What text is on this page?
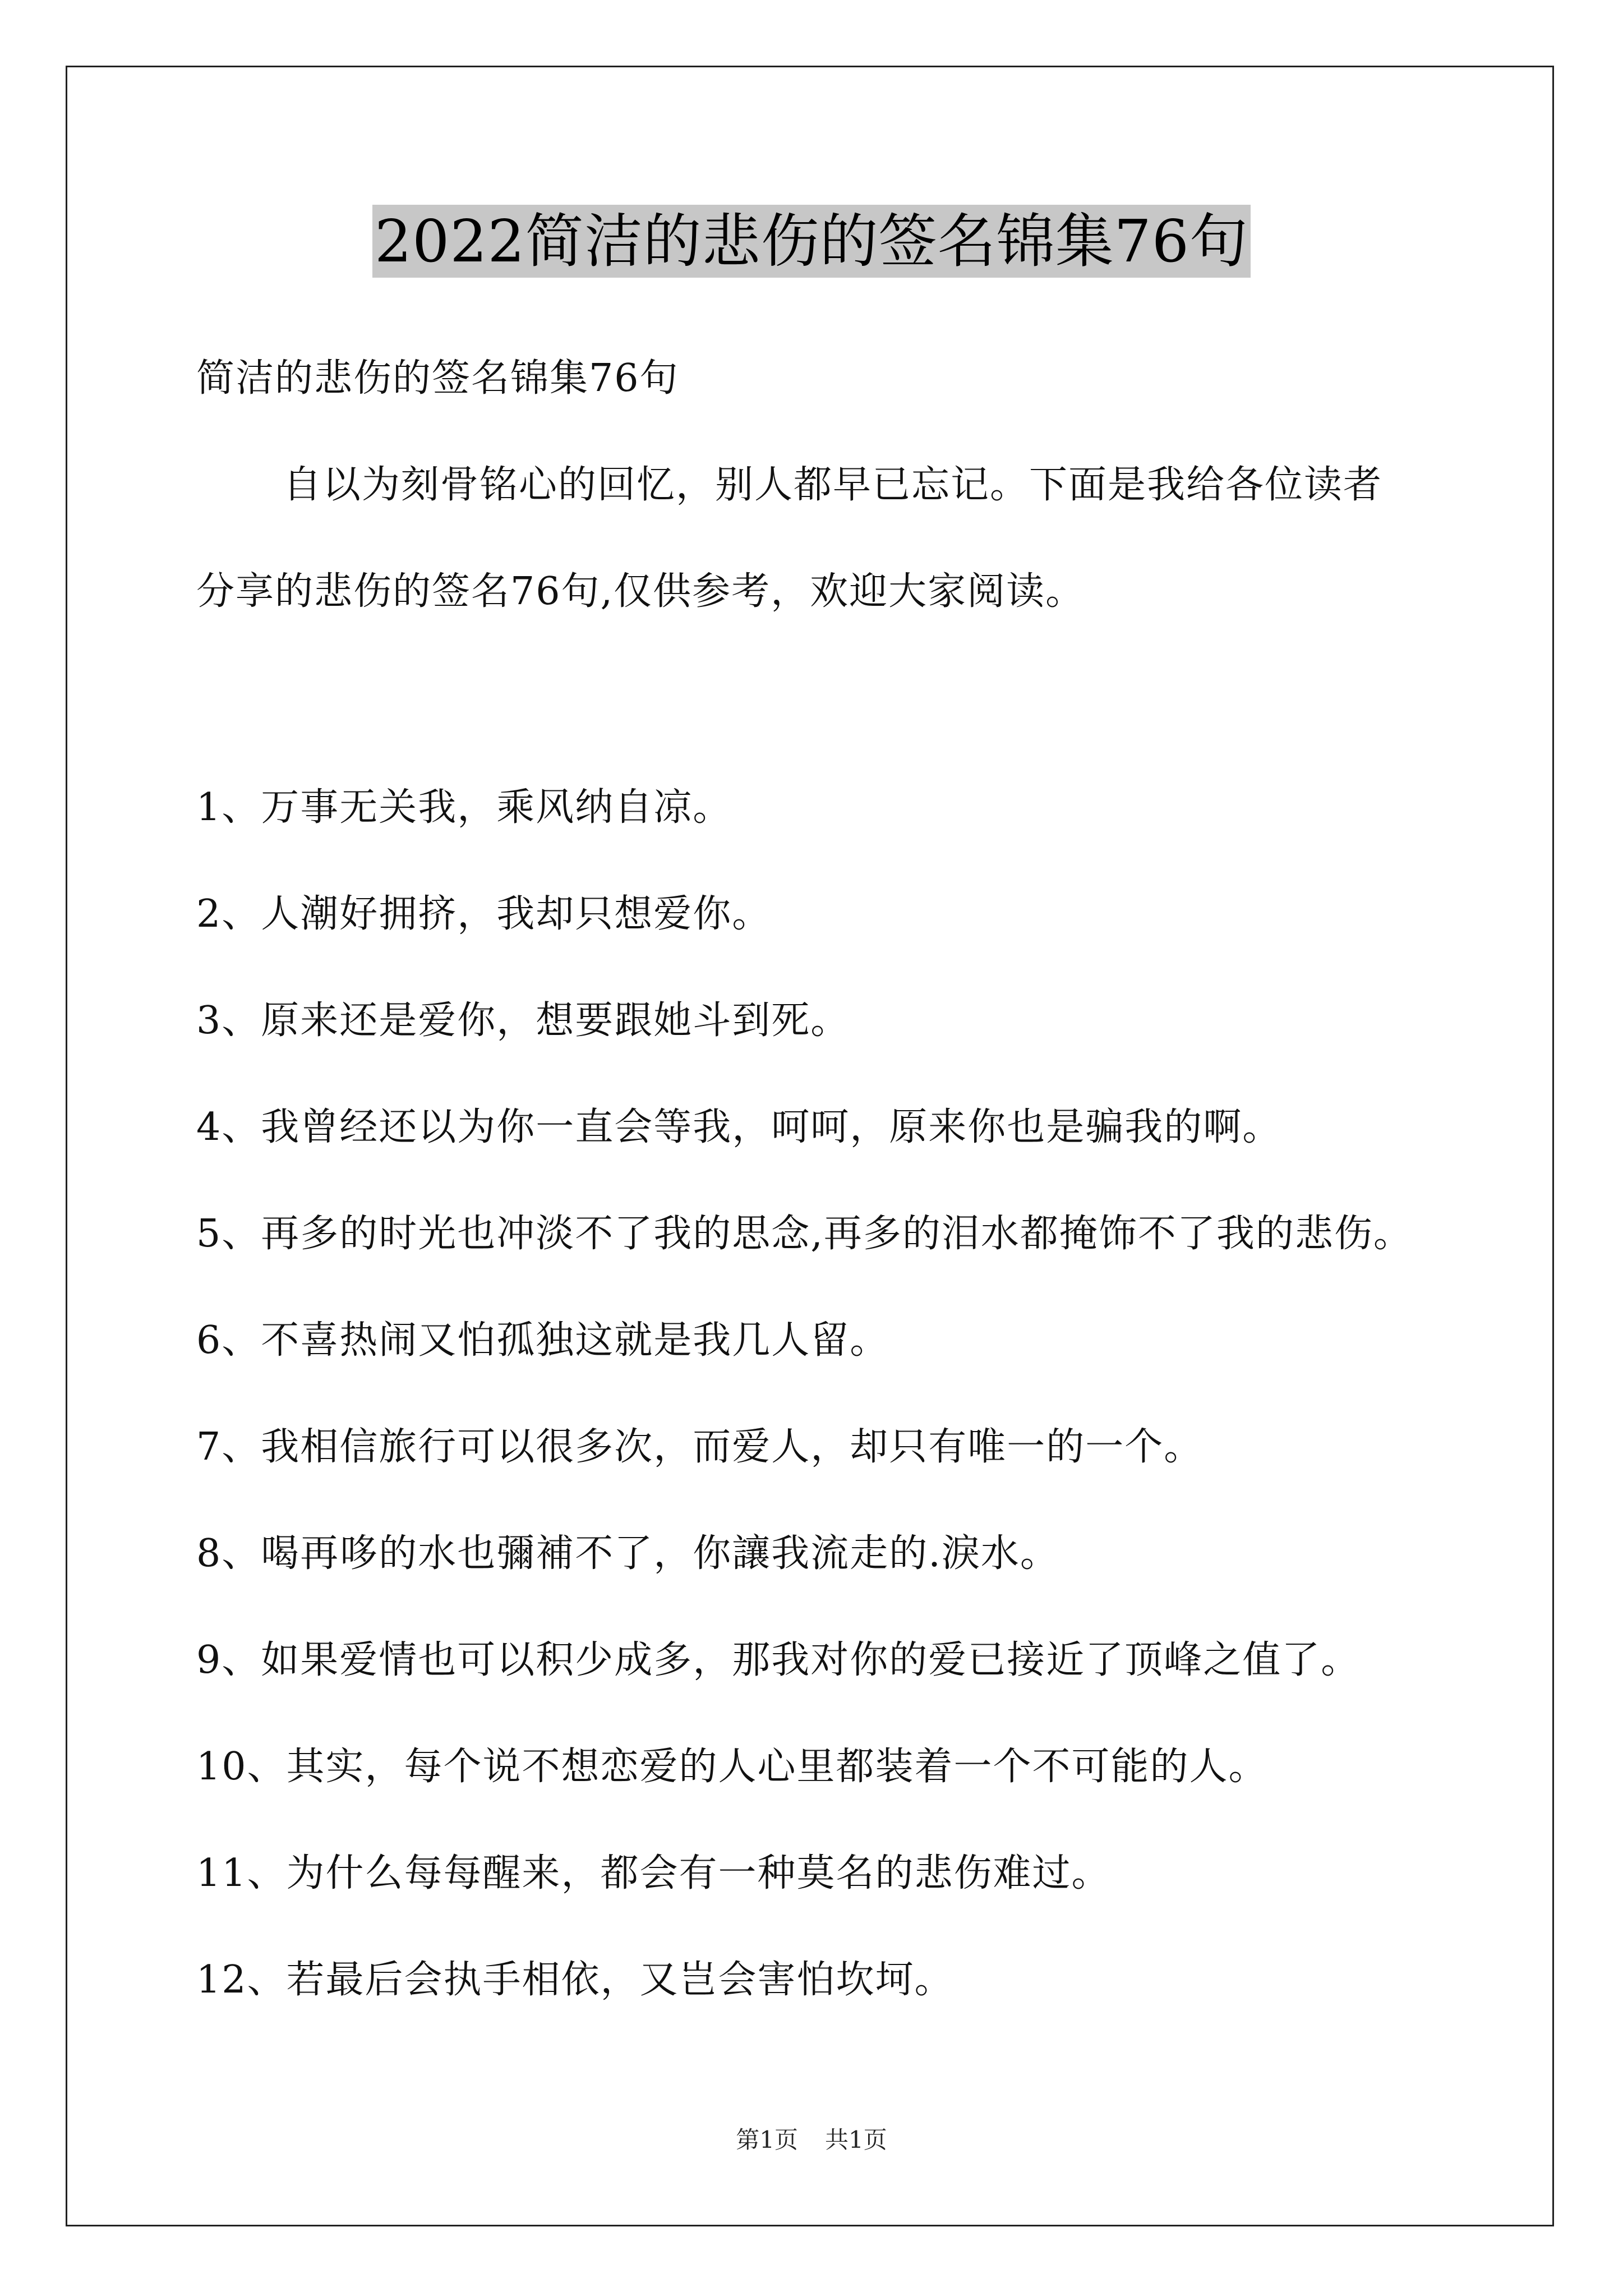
2022简洁的悲伤的签名锦集76句
简洁的悲伤的签名锦集76句
自以为刻骨铭心的回忆，别人都早已忘记。下面是我给各位读者
分享的悲伤的签名76句,仅供参考，欢迎大家阅读。
1、万事无关我，乘风纳自凉。
2、人潮好拥挤，我却只想爱你。
3、原来还是爱你，想要跟她斗到死。
4、我曾经还以为你一直会等我，呵呵，原来你也是骗我的啊。
5、再多的时光也冲淡不了我的思念,再多的泪水都掩饰不了我的悲伤。
6、不喜热闹又怕孤独这就是我几人留。
7、我相信旅行可以很多次，而爱人，却只有唯一的一个。
8、喝再哆的水也彌補不了，你讓我流走的.淚水。
9、如果爱情也可以积少成多，那我对你的爱已接近了顶峰之值了。
10、其实，每个说不想恋爱的人心里都装着一个不可能的人。
11、为什么每每醒来，都会有一种莫名的悲伤难过。
12、若最后会执手相依，又岂会害怕坎坷。
第1页 共1页
